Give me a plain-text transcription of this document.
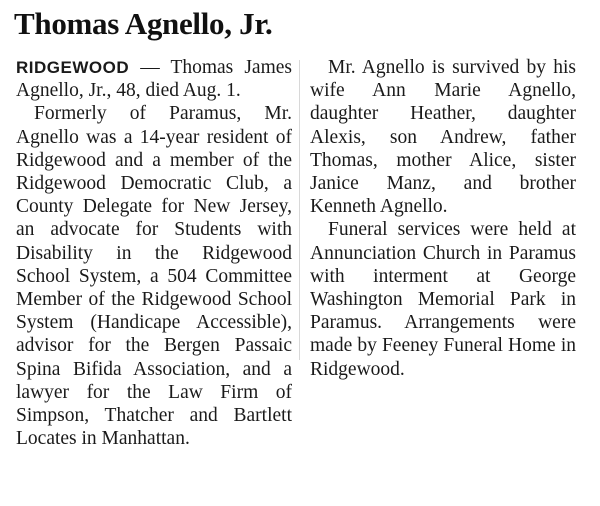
Thomas Agnello, Jr.

RIDGEWOOD — Thomas James Agnello, Jr., 48, died Aug. 1.

Formerly of Paramus, Mr. Agnello was a 14-year resident of Ridgewood and a member of the Ridgewood Democratic Club, a County Delegate for New Jersey, an advocate for Students with Disability in the Ridgewood School System, a 504 Committee Member of the Ridgewood School System (Handicape Accessible), advisor for the Bergen Passaic Spina Bifida Association, and a lawyer for the Law Firm of Simpson, Thatcher and Bartlett Locates in Manhattan.

Mr. Agnello is survived by his wife Ann Marie Agnello, daughter Heather, daughter Alexis, son Andrew, father Thomas, mother Alice, sister Janice Manz, and brother Kenneth Agnello.

Funeral services were held at Annunciation Church in Paramus with interment at George Washington Memorial Park in Paramus. Arrangements were made by Feeney Funeral Home in Ridgewood.
